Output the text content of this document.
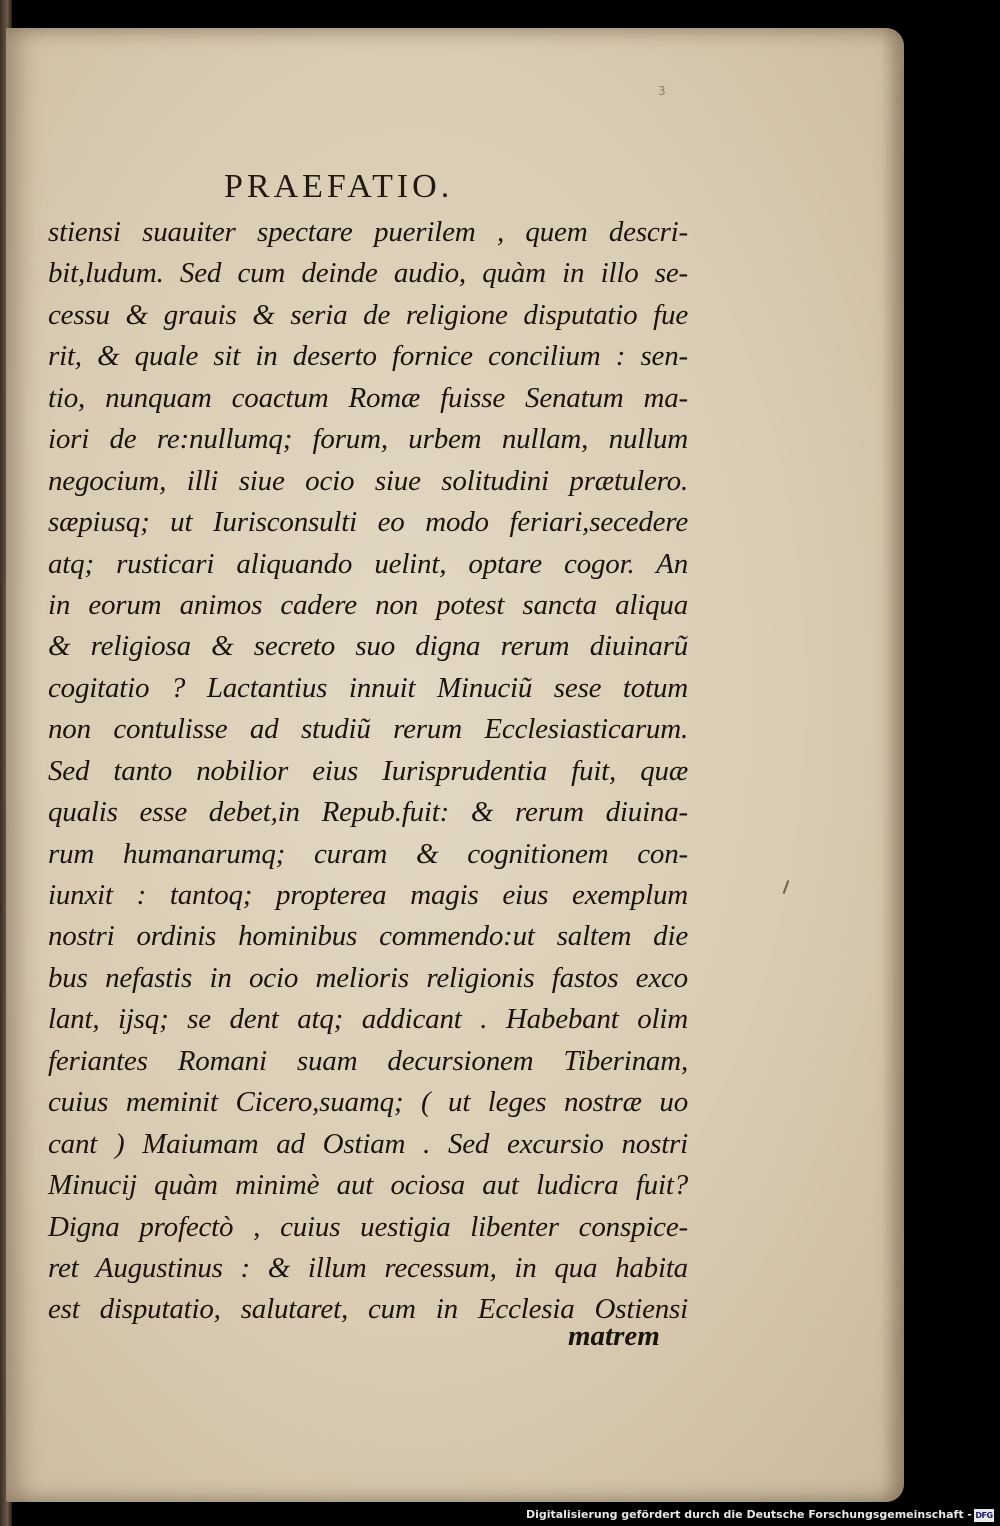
3
PRAEFATIO.
stiensi suauiter spectare puerilem , quem descri-
bit,ludum. Sed cum deinde audio, quàm in illo se-
cessu & grauis & seria de religione disputatio fue
rit, & quale sit in deserto fornice concilium : sen-
tio, nunquam coactum Romæ fuisse Senatum ma-
iori de re:nullumq; forum, urbem nullam, nullum
negocium, illi siue ocio siue solitudini prætulero.
sæpiusq; ut Iurisconsulti eo modo feriari,secedere
atq; rusticari aliquando uelint, optare cogor. An
in eorum animos cadere non potest sancta aliqua
& religiosa & secreto suo digna rerum diuinarũ
cogitatio ? Lactantius innuit Minuciũ sese totum
non contulisse ad studiũ rerum Ecclesiasticarum.
Sed tanto nobilior eius Iurisprudentia fuit, quæ
qualis esse debet,in Repub.fuit: & rerum diuina-
rum humanarumq; curam & cognitionem con-
iunxit : tantoq; propterea magis eius exemplum
nostri ordinis hominibus commendo:ut saltem die
bus nefastis in ocio melioris religionis fastos exco
lant, ijsq; se dent atq; addicant . Habebant olim
feriantes Romani suam decursionem Tiberinam,
cuius meminit Cicero,suamq; ( ut leges nostræ uo
cant ) Maiumam ad Ostiam . Sed excursio nostri
Minucij quàm minimè aut ociosa aut ludicra fuit?
Digna profectò , cuius uestigia libenter conspice-
ret Augustinus : & illum recessum, in qua habita
est disputatio, salutaret, cum in Ecclesia Ostiensi
matrem
Digitalisierung gefördert durch die Deutsche Forschungsgemeinschaft - DFG
